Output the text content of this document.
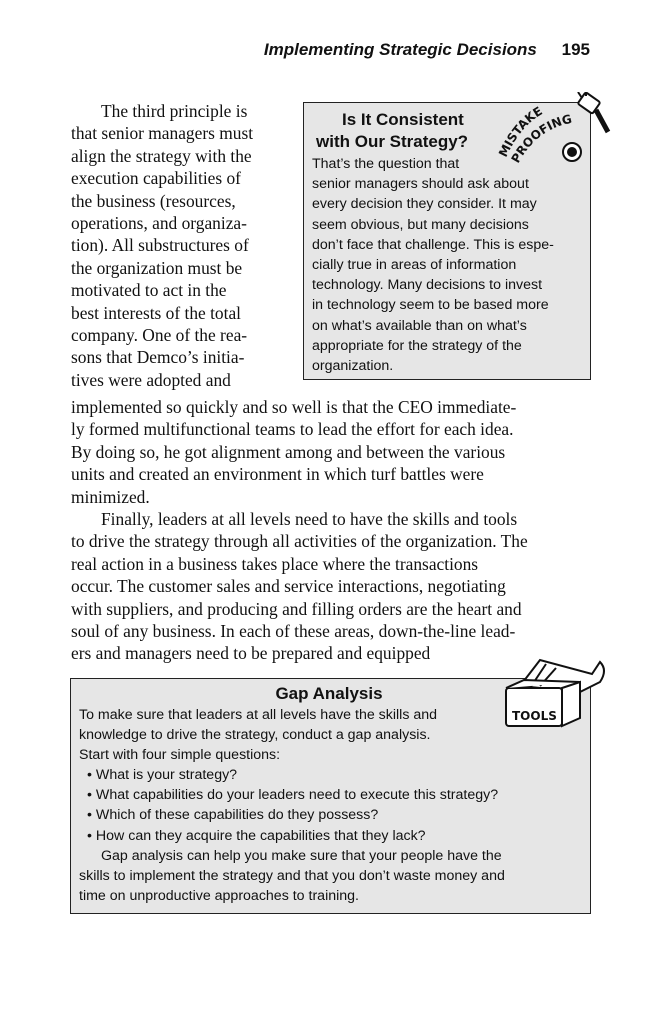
Implementing Strategic Decisions 195

The third principle is
that senior managers must
align the strategy with the
execution capabilities of
the business (resources,
operations, and organiza-
tion). All substructures of
the organization must be
motivated to act in the
best interests of the total
company. One of the rea-
sons that Demco’s initia-
tives were adopted and

Is It Consistent
with Our Strategy?
That’s the question that
senior managers should ask about
every decision they consider. It may
seem obvious, but many decisions
don’t face that challenge. This is espe-
cially true in areas of information
technology. Many decisions to invest
in technology seem to be based more
on what’s available than on what’s
appropriate for the strategy of the
organization.
MISTAKE
PROOFING

implemented so quickly and so well is that the CEO immediate-
ly formed multifunctional teams to lead the effort for each idea.
By doing so, he got alignment among and between the various
units and created an environment in which turf battles were
minimized.

Finally, leaders at all levels need to have the skills and tools
to drive the strategy through all activities of the organization. The
real action in a business takes place where the transactions
occur. The customer sales and service interactions, negotiating
with suppliers, and producing and filling orders are the heart and
soul of any business. In each of these areas, down-the-line lead-
ers and managers need to be prepared and equipped

Gap Analysis
To make sure that leaders at all levels have the skills and
knowledge to drive the strategy, conduct a gap analysis.
Start with four simple questions:
• What is your strategy?
• What capabilities do your leaders need to execute this strategy?
• Which of these capabilities do they possess?
• How can they acquire the capabilities that they lack?
Gap analysis can help you make sure that your people have the
skills to implement the strategy and that you don’t waste money and
time on unproductive approaches to training.
TOOLS
